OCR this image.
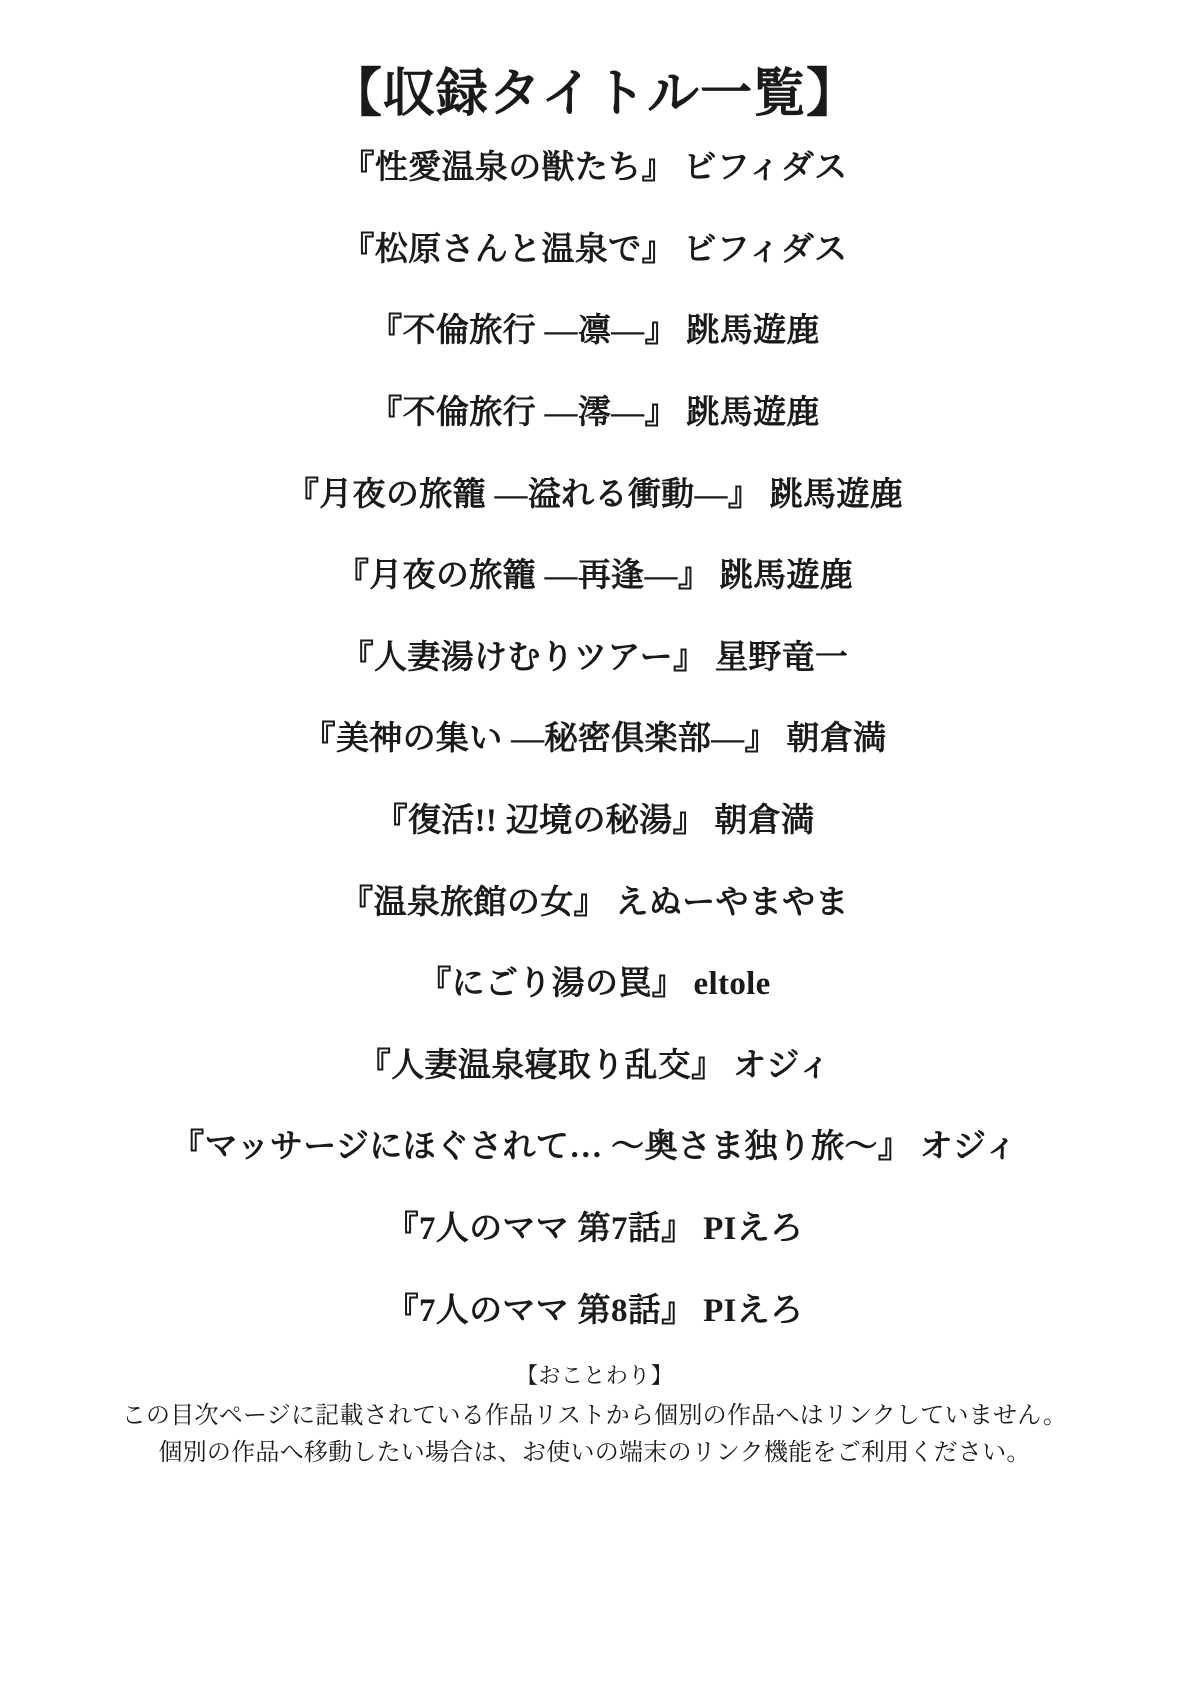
【収録タイトル一覧】
『性愛温泉の獣たち』 ビフィダス
『松原さんと温泉で』 ビフィダス
『不倫旅行 ―凛―』 跳馬遊鹿
『不倫旅行 ―澪―』 跳馬遊鹿
『月夜の旅籠 ―溢れる衝動―』 跳馬遊鹿
『月夜の旅籠 ―再逢―』 跳馬遊鹿
『人妻湯けむりツアー』 星野竜一
『美神の集い ―秘密倶楽部―』 朝倉満
『復活!! 辺境の秘湯』 朝倉満
『温泉旅館の女』 えぬーやまやま
『にごり湯の罠』 eltole
『人妻温泉寝取り乱交』 オジィ
『マッサージにほぐされて… ～奥さま独り旅～』 オジィ
『7人のママ 第7話』 PIえろ
『7人のママ 第8話』 PIえろ
【おことわり】
この目次ページに記載されている作品リストから個別の作品へはリンクしていません。
個別の作品へ移動したい場合は、お使いの端末のリンク機能をご利用ください。
